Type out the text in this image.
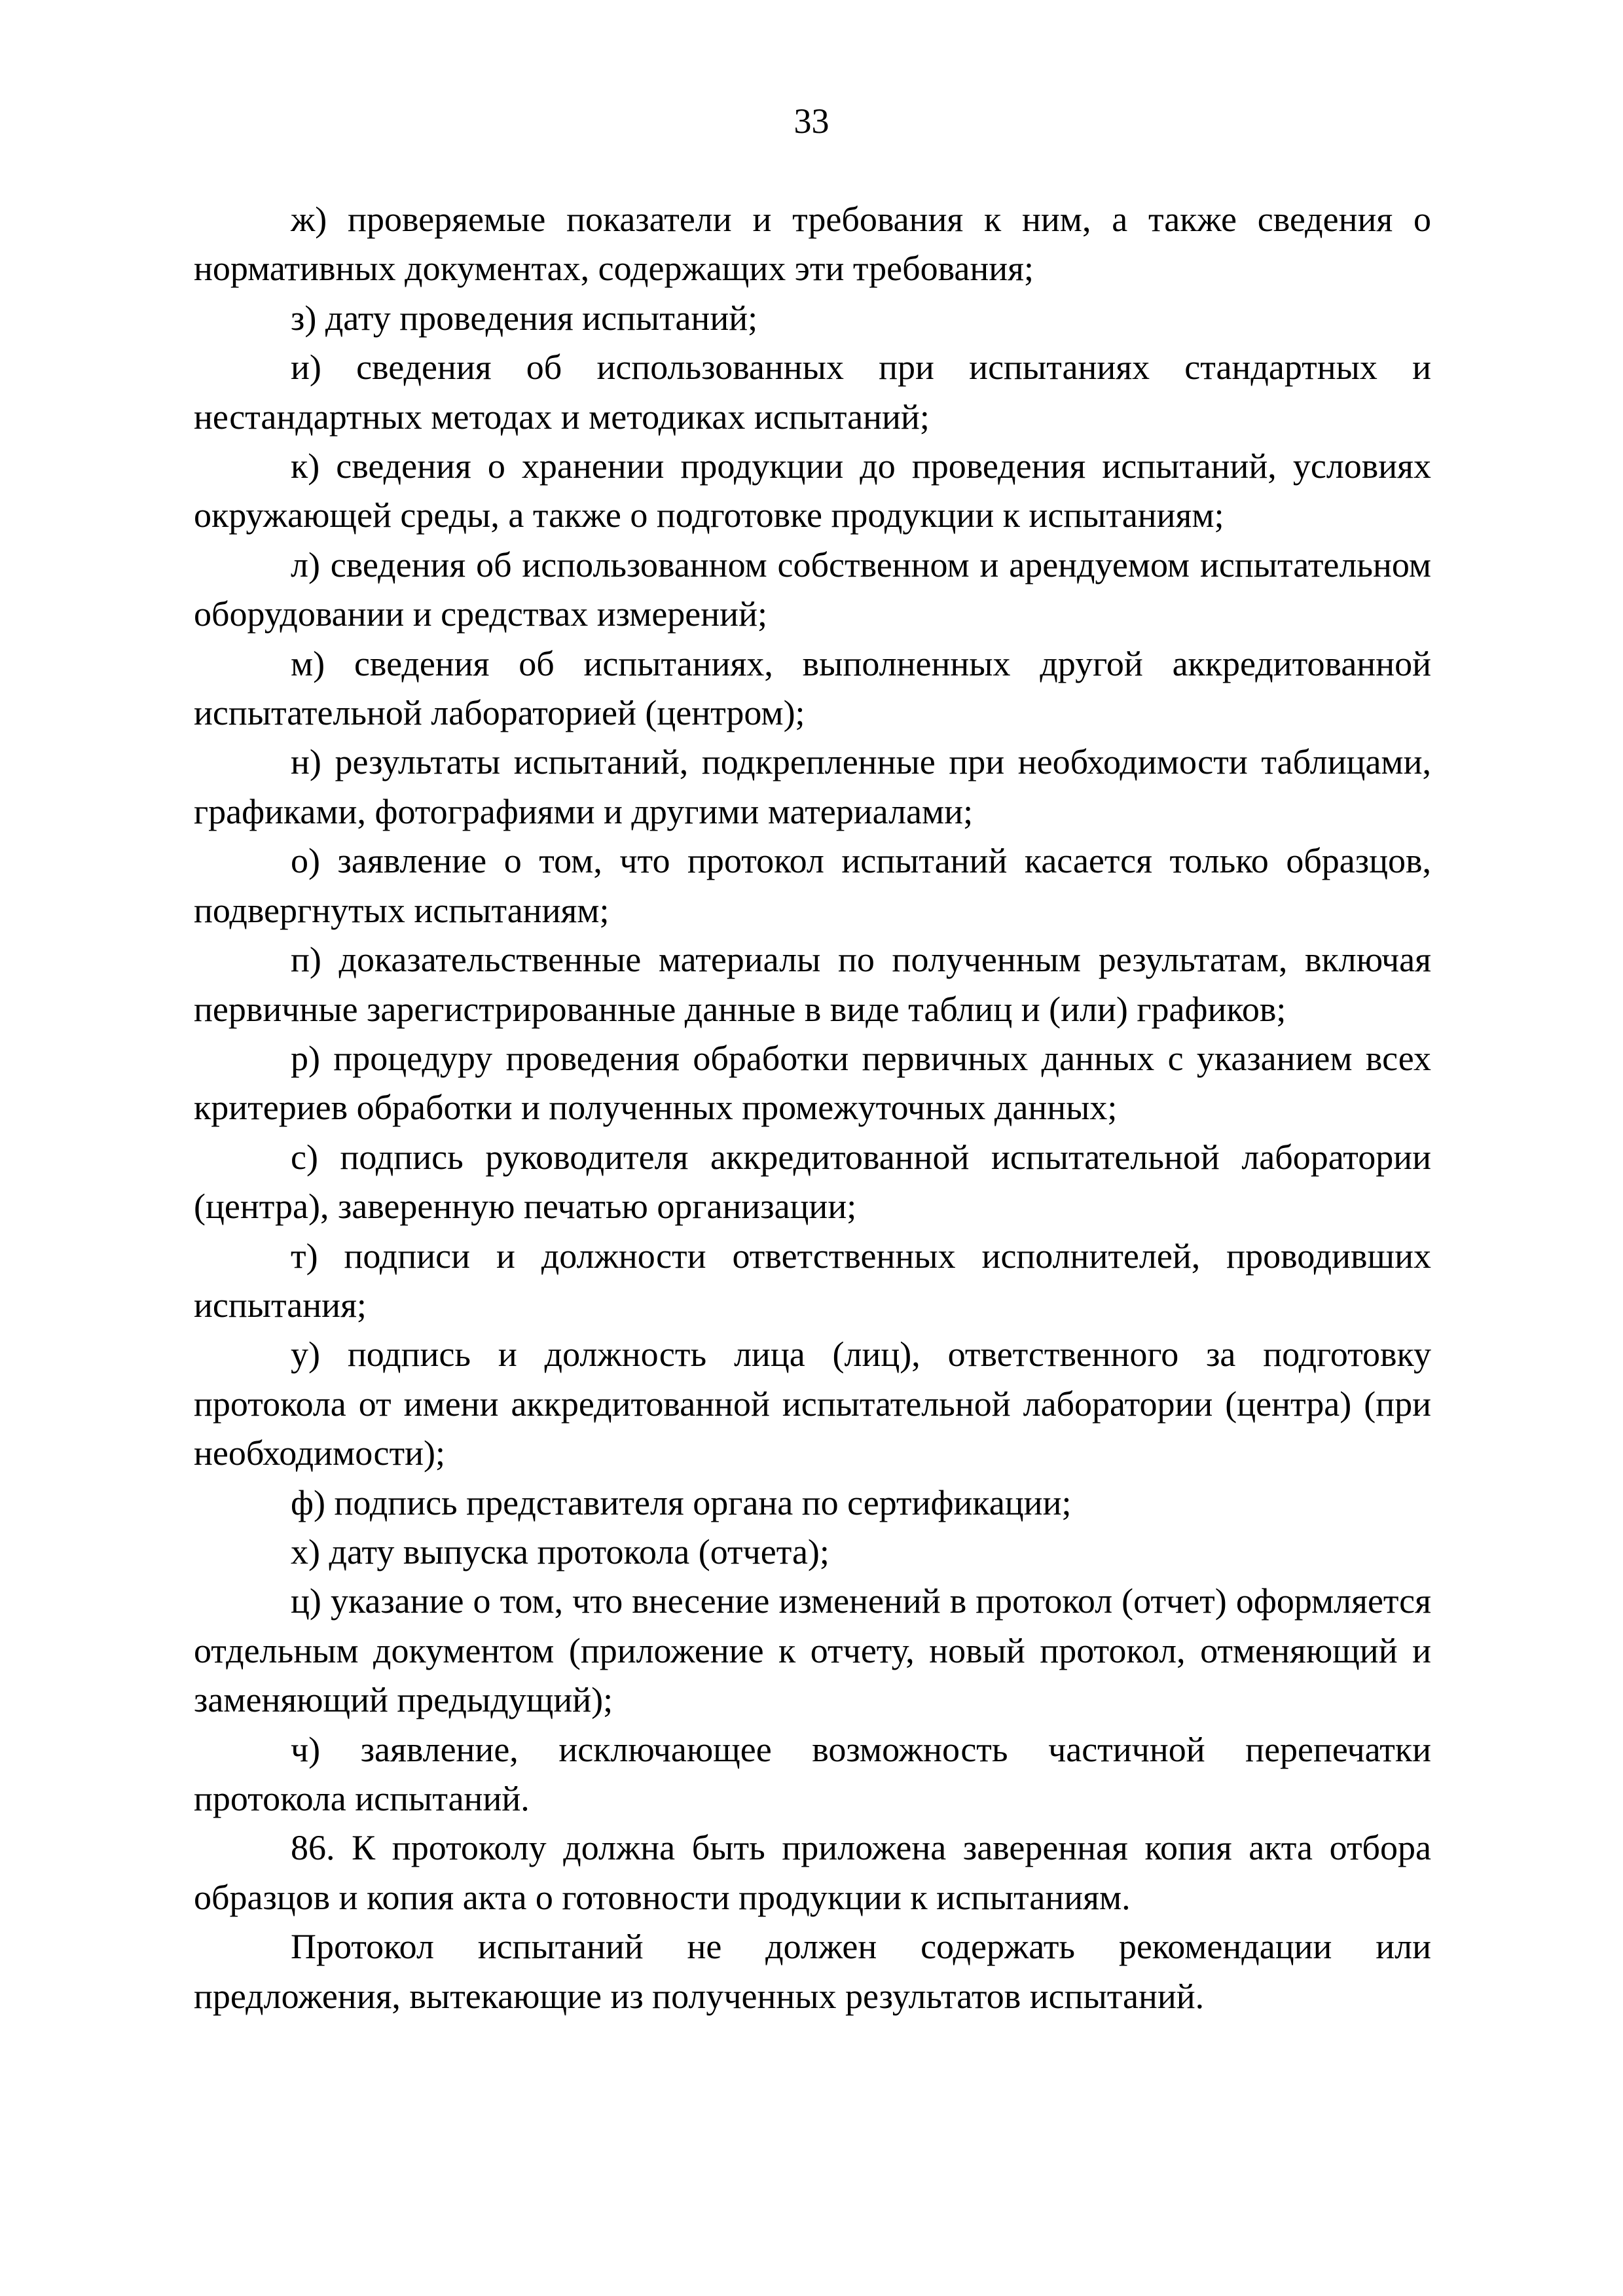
33

ж) проверяемые показатели и требования к ним, а также сведения о нормативных документах, содержащих эти требования;

з) дату проведения испытаний;

и) сведения об использованных при испытаниях стандартных и нестандартных методах и методиках испытаний;

к) сведения о хранении продукции до проведения испытаний, условиях окружающей среды, а также о подготовке продукции к испытаниям;

л) сведения об использованном собственном и арендуемом испытательном оборудовании и средствах измерений;

м) сведения об испытаниях, выполненных другой аккредитованной испытательной лабораторией (центром);

н) результаты испытаний, подкрепленные при необходимости таблицами, графиками, фотографиями и другими материалами;

о) заявление о том, что протокол испытаний касается только образцов, подвергнутых испытаниям;

п) доказательственные материалы по полученным результатам, включая первичные зарегистрированные данные в виде таблиц и (или) графиков;

р) процедуру проведения обработки первичных данных с указанием всех критериев обработки и полученных промежуточных данных;

с) подпись руководителя аккредитованной испытательной лаборатории (центра), заверенную печатью организации;

т) подписи и должности ответственных исполнителей, проводивших испытания;

у) подпись и должность лица (лиц), ответственного за подготовку протокола от имени аккредитованной испытательной лаборатории (центра) (при необходимости);

ф) подпись представителя органа по сертификации;

х) дату выпуска протокола (отчета);

ц) указание о том, что внесение изменений в протокол (отчет) оформляется отдельным документом (приложение к отчету, новый протокол, отменяющий и заменяющий предыдущий);

ч) заявление, исключающее возможность частичной перепечатки протокола испытаний.

86. К протоколу должна быть приложена заверенная копия акта отбора образцов и копия акта о готовности продукции к испытаниям.

Протокол испытаний не должен содержать рекомендации или предложения, вытекающие из полученных результатов испытаний.
